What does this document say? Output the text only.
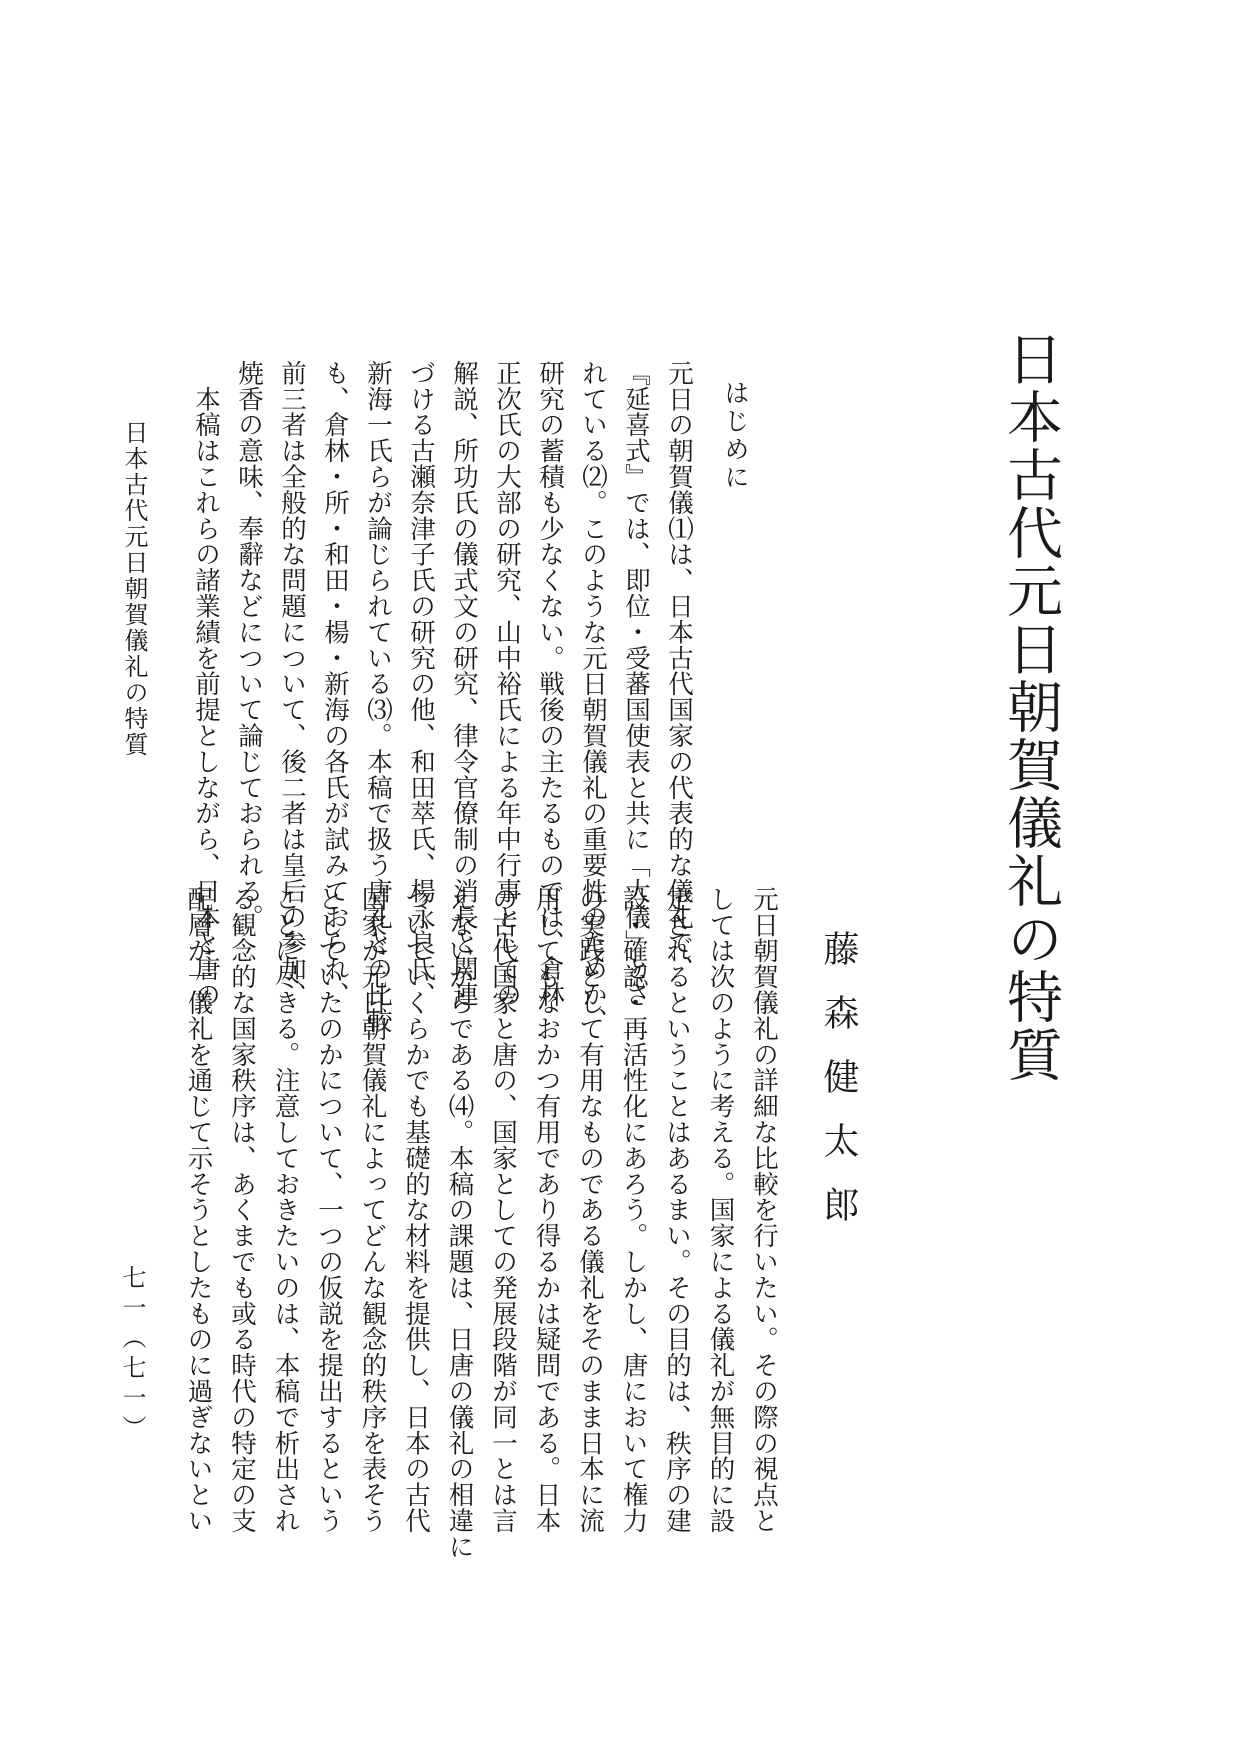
日本古代元日朝賀儀礼の特質
藤森健太郎
はじめに

元日の朝賀儀⑴は、日本古代国家の代表的な儀礼で、

『延喜式』では、即位・受蕃国使表と共に「大儀」とさ

れている⑵。このような元日朝賀儀礼の重要性のためか、

研究の蓄積も少なくない。戦後の主たるものでは、倉林

正次氏の大部の研究、山中裕氏による年中行事としての

解説、所功氏の儀式文の研究、律令官僚制の消長と関連

づける古瀬奈津子氏の研究の他、和田萃氏、楊永良氏、

新海一氏らが論じられている⑶。本稿で扱う唐礼との比較

も、倉林・所・和田・楊・新海の各氏が試みておられ、

前三者は全般的な問題について、後二者は皇后の参加、

焼香の意味、奉辭などについて論じておられる。

　本稿はこれらの諸業績を前提としながら、日本と唐の

元日朝賀儀礼の詳細な比較を行いたい。その際の視点と

しては次のように考える。国家による儀礼が無目的に設

定されるということはあるまい。その目的は、秩序の建

設・確認・再活性化にあろう。しかし、唐において権力

の実践として有用なものである儀礼をそのまま日本に流

用してもなおかつ有用であり得るかは疑問である。日本

の古代国家と唐の、国家としての発展段階が同一とは言

えないからである⑷。本稿の課題は、日唐の儀礼の相違に

ついていくらかでも基礎的な材料を提供し、日本の古代

国家が元日朝賀儀礼によってどんな観念的秩序を表そう

としていたのかについて、一つの仮説を提出するという

ことに尽きる。注意しておきたいのは、本稿で析出され

る観念的な国家秩序は、あくまでも或る時代の特定の支

配層が一儀礼を通じて示そうとしたものに過ぎないとい

日本古代元日朝賀儀礼の特質
七一（七一）
